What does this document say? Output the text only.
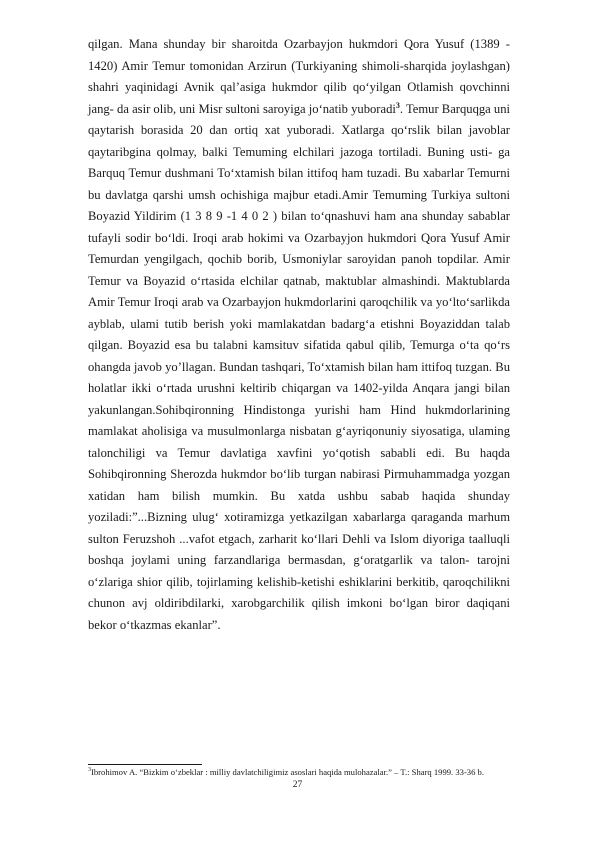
qilgan. Mana shunday bir sharoitda Ozarbayjon hukmdori Qora Yusuf (1389 - 1420) Amir Temur tomonidan Arzirun (Turkiyaning shimoli-sharqida joylashgan) shahri yaqinidagi Avnik qal’asiga hukmdor qilib qo‘yilgan Otlamish qovchinni jang- da asir olib, uni Misr sultoni saroyiga jo‘natib yuboradi$^3$. Temur Barquqga uni qaytarish borasida 20 dan ortiq xat yuboradi. Xatlarga qo‘rslik bilan javoblar qaytaribgina qolmay, balki Temuming elchilari jazoga tortiladi. Buning usti- ga Barquq Temur dushmani To‘xtamish bilan ittifoq ham tuzadi. Bu xabarlar Temurni bu davlatga qarshi umsh ochishiga majbur etadi.Amir Temuming Turkiya sultoni Boyazid Yildirim (1 3 8 9 -1 4 0 2 ) bilan to‘qnashuvi ham ana shunday sabablar tufayli sodir bo‘ldi. Iroqi arab hokimi va Ozarbayjon hukmdori Qora Yusuf Amir Temurdan yengilgach, qochib borib, Usmoniylar saroyidan panoh topdilar. Amir Temur va Boyazid o‘rtasida elchilar qatnab, maktublar almashindi. Maktublarda Amir Temur Iroqi arab va Ozarbayjon hukmdorlarini qaroqchilik va yo‘lto‘sarlikda ayblab, ulami tutib berish yoki mamlakatdan badarg‘a etishni Boyaziddan talab qilgan. Boyazid esa bu talabni kamsituv sifatida qabul qilib, Temurga o‘ta qo‘rs ohangda javob yo’llagan. Bundan tashqari, To‘xtamish bilan ham ittifoq tuzgan. Bu holatlar ikki o‘rtada urushni keltirib chiqargan va 1402-yilda Anqara jangi bilan yakunlangan.Sohibqironning Hindistonga yurishi ham Hind hukmdorlarining mamlakat aholisiga va musulmonlarga nisbatan g‘ayriqonuniy siyosatiga, ulaming talonchiligi va Temur davlatiga xavfini yo‘qotish sababli edi. Bu haqda Sohibqironning Sherozda hukmdor bo‘lib turgan nabirasi Pirmuhammadga yozgan xatidan ham bilish mumkin. Bu xatda ushbu sabab haqida shunday yoziladi:”...Bizning ulug‘ xotiramizga yetkazilgan xabarlarga qaraganda marhum sulton Feruzshoh ...vafot etgach, zarharit ko‘llari Dehli va Islom diyoriga taalluqli boshqa joylami uning farzandlariga bermasdan, g‘oratgarlik va talon- tarojni o‘zlariga shior qilib, tojirlaming kelishib-ketishi eshiklarini berkitib, qaroqchilikni chunon avj oldiribdilarki, xarobgarchilik qilish imkoni bo‘lgan biror daqiqani bekor o‘tkazmas ekanlar”.

$^3$Ibrohimov A. “Bizkim o‘zbeklar : milliy davlatchiligimiz asoslari haqida mulohazalar.” – T.: Sharq 1999. 33-36 b.
27
